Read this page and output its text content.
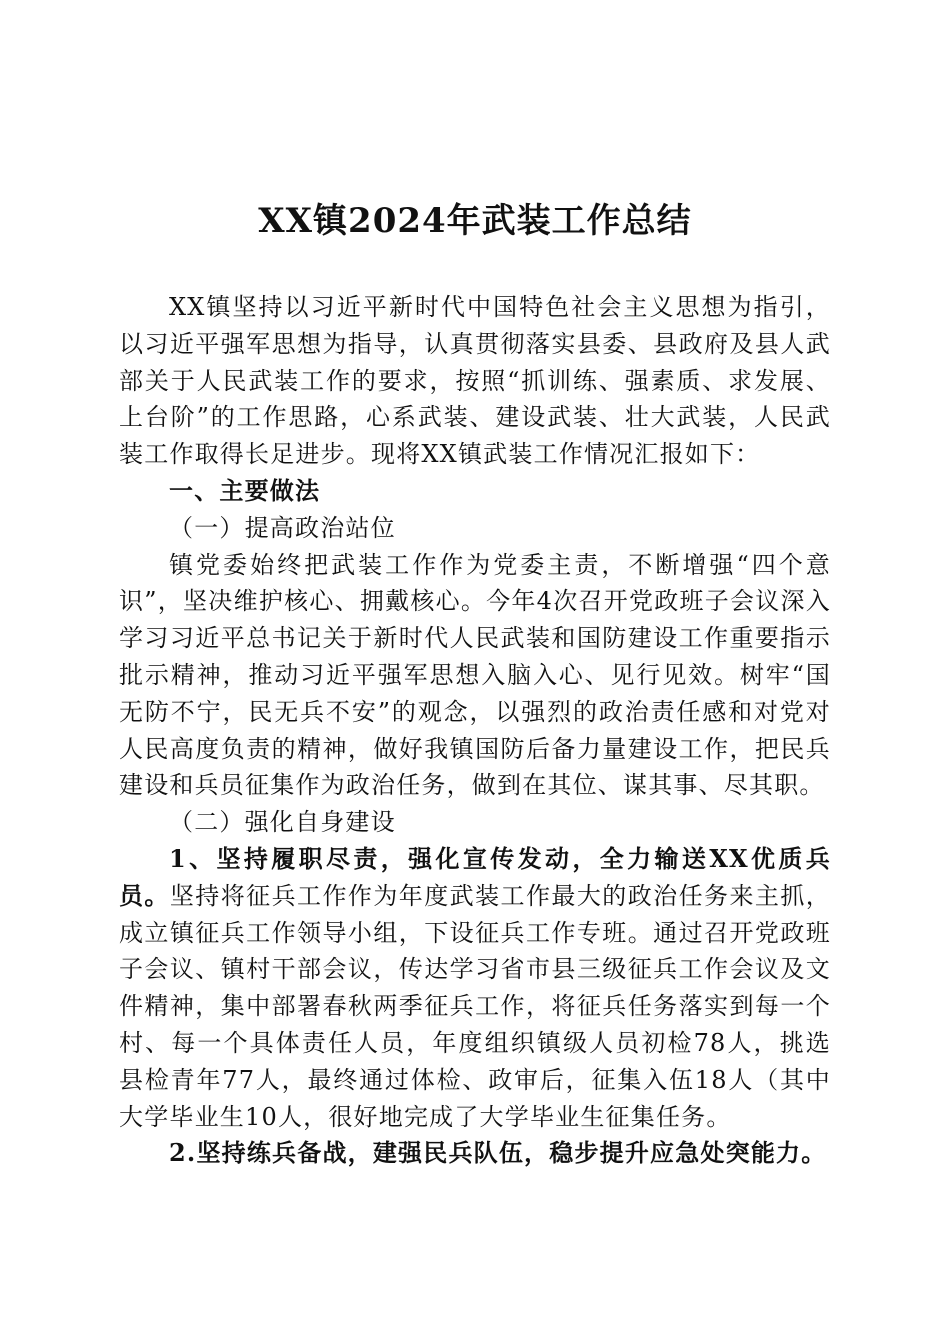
XX镇2024年武装工作总结

XX镇坚持以习近平新时代中国特色社会主义思想为指引，以习近平强军思想为指导，认真贯彻落实县委、县政府及县人武部关于人民武装工作的要求，按照“抓训练、强素质、求发展、上台阶”的工作思路，心系武装、建设武装、壮大武装，人民武装工作取得长足进步。现将XX镇武装工作情况汇报如下：

一、主要做法

（一）提高政治站位

镇党委始终把武装工作作为党委主责，不断增强“四个意识”，坚决维护核心、拥戴核心。今年4次召开党政班子会议深入学习习近平总书记关于新时代人民武装和国防建设工作重要指示批示精神，推动习近平强军思想入脑入心、见行见效。树牢“国无防不宁，民无兵不安”的观念，以强烈的政治责任感和对党对人民高度负责的精神，做好我镇国防后备力量建设工作，把民兵建设和兵员征集作为政治任务，做到在其位、谋其事、尽其职。

（二）强化自身建设

1、坚持履职尽责，强化宣传发动，全力输送XX优质兵员。坚持将征兵工作作为年度武装工作最大的政治任务来主抓，成立镇征兵工作领导小组，下设征兵工作专班。通过召开党政班子会议、镇村干部会议，传达学习省市县三级征兵工作会议及文件精神，集中部署春秋两季征兵工作，将征兵任务落实到每一个村、每一个具体责任人员，年度组织镇级人员初检78人，挑选县检青年77人，最终通过体检、政审后，征集入伍18人（其中大学毕业生10人，很好地完成了大学毕业生征集任务。

2.坚持练兵备战，建强民兵队伍，稳步提升应急处突能力。
